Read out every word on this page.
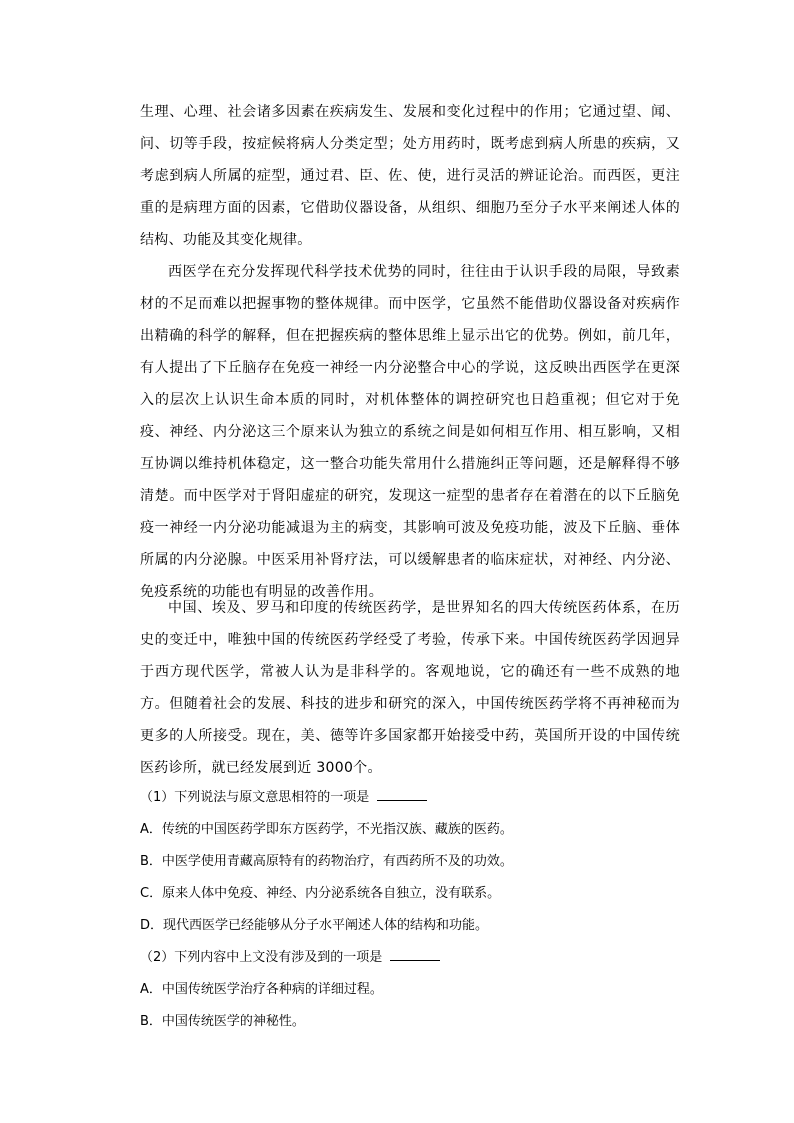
生理、心理、社会诸多因素在疾病发生、发展和变化过程中的作用；它通过望、闻、问、切等手段，按症候将病人分类定型；处方用药时，既考虑到病人所患的疾病，又考虑到病人所属的症型，通过君、臣、佐、使，进行灵活的辨证论治。而西医，更注重的是病理方面的因素，它借助仪器设备，从组织、细胞乃至分子水平来阐述人体的结构、功能及其变化规律。

西医学在充分发挥现代科学技术优势的同时，往往由于认识手段的局限，导致素材的不足而难以把握事物的整体规律。而中医学，它虽然不能借助仪器设备对疾病作出精确的科学的解释，但在把握疾病的整体思维上显示出它的优势。例如，前几年，有人提出了下丘脑存在免疫一神经一内分泌整合中心的学说，这反映出西医学在更深入的层次上认识生命本质的同时，对机体整体的调控研究也日趋重视；但它对于免疫、神经、内分泌这三个原来认为独立的系统之间是如何相互作用、相互影响，又相互协调以维持机体稳定，这一整合功能失常用什么措施纠正等问题，还是解释得不够清楚。而中医学对于肾阳虚症的研究，发现这一症型的患者存在着潜在的以下丘脑免疫一神经一内分泌功能减退为主的病变，其影响可波及免疫功能，波及下丘脑、垂体所属的内分泌腺。中医采用补肾疗法，可以缓解患者的临床症状，对神经、内分泌、免疫系统的功能也有明显的改善作用。

中国、埃及、罗马和印度的传统医药学，是世界知名的四大传统医药体系，在历史的变迁中，唯独中国的传统医药学经受了考验，传承下来。中国传统医药学因迥异于西方现代医学，常被人认为是非科学的。客观地说，它的确还有一些不成熟的地方。但随着社会的发展、科技的进步和研究的深入，中国传统医药学将不再神秘而为更多的人所接受。现在，美、德等许多国家都开始接受中药，英国所开设的中国传统医药诊所，就已经发展到近 3000个。

（1）下列说法与原文意思相符的一项是
A．传统的中国医药学即东方医药学，不光指汉族、藏族的医药。
B．中医学使用青藏高原特有的药物治疗，有西药所不及的功效。
C．原来人体中免疫、神经、内分泌系统各自独立，没有联系。
D．现代西医学已经能够从分子水平阐述人体的结构和功能。
（2）下列内容中上文没有涉及到的一项是
A．中国传统医学治疗各种病的详细过程。
B．中国传统医学的神秘性。
